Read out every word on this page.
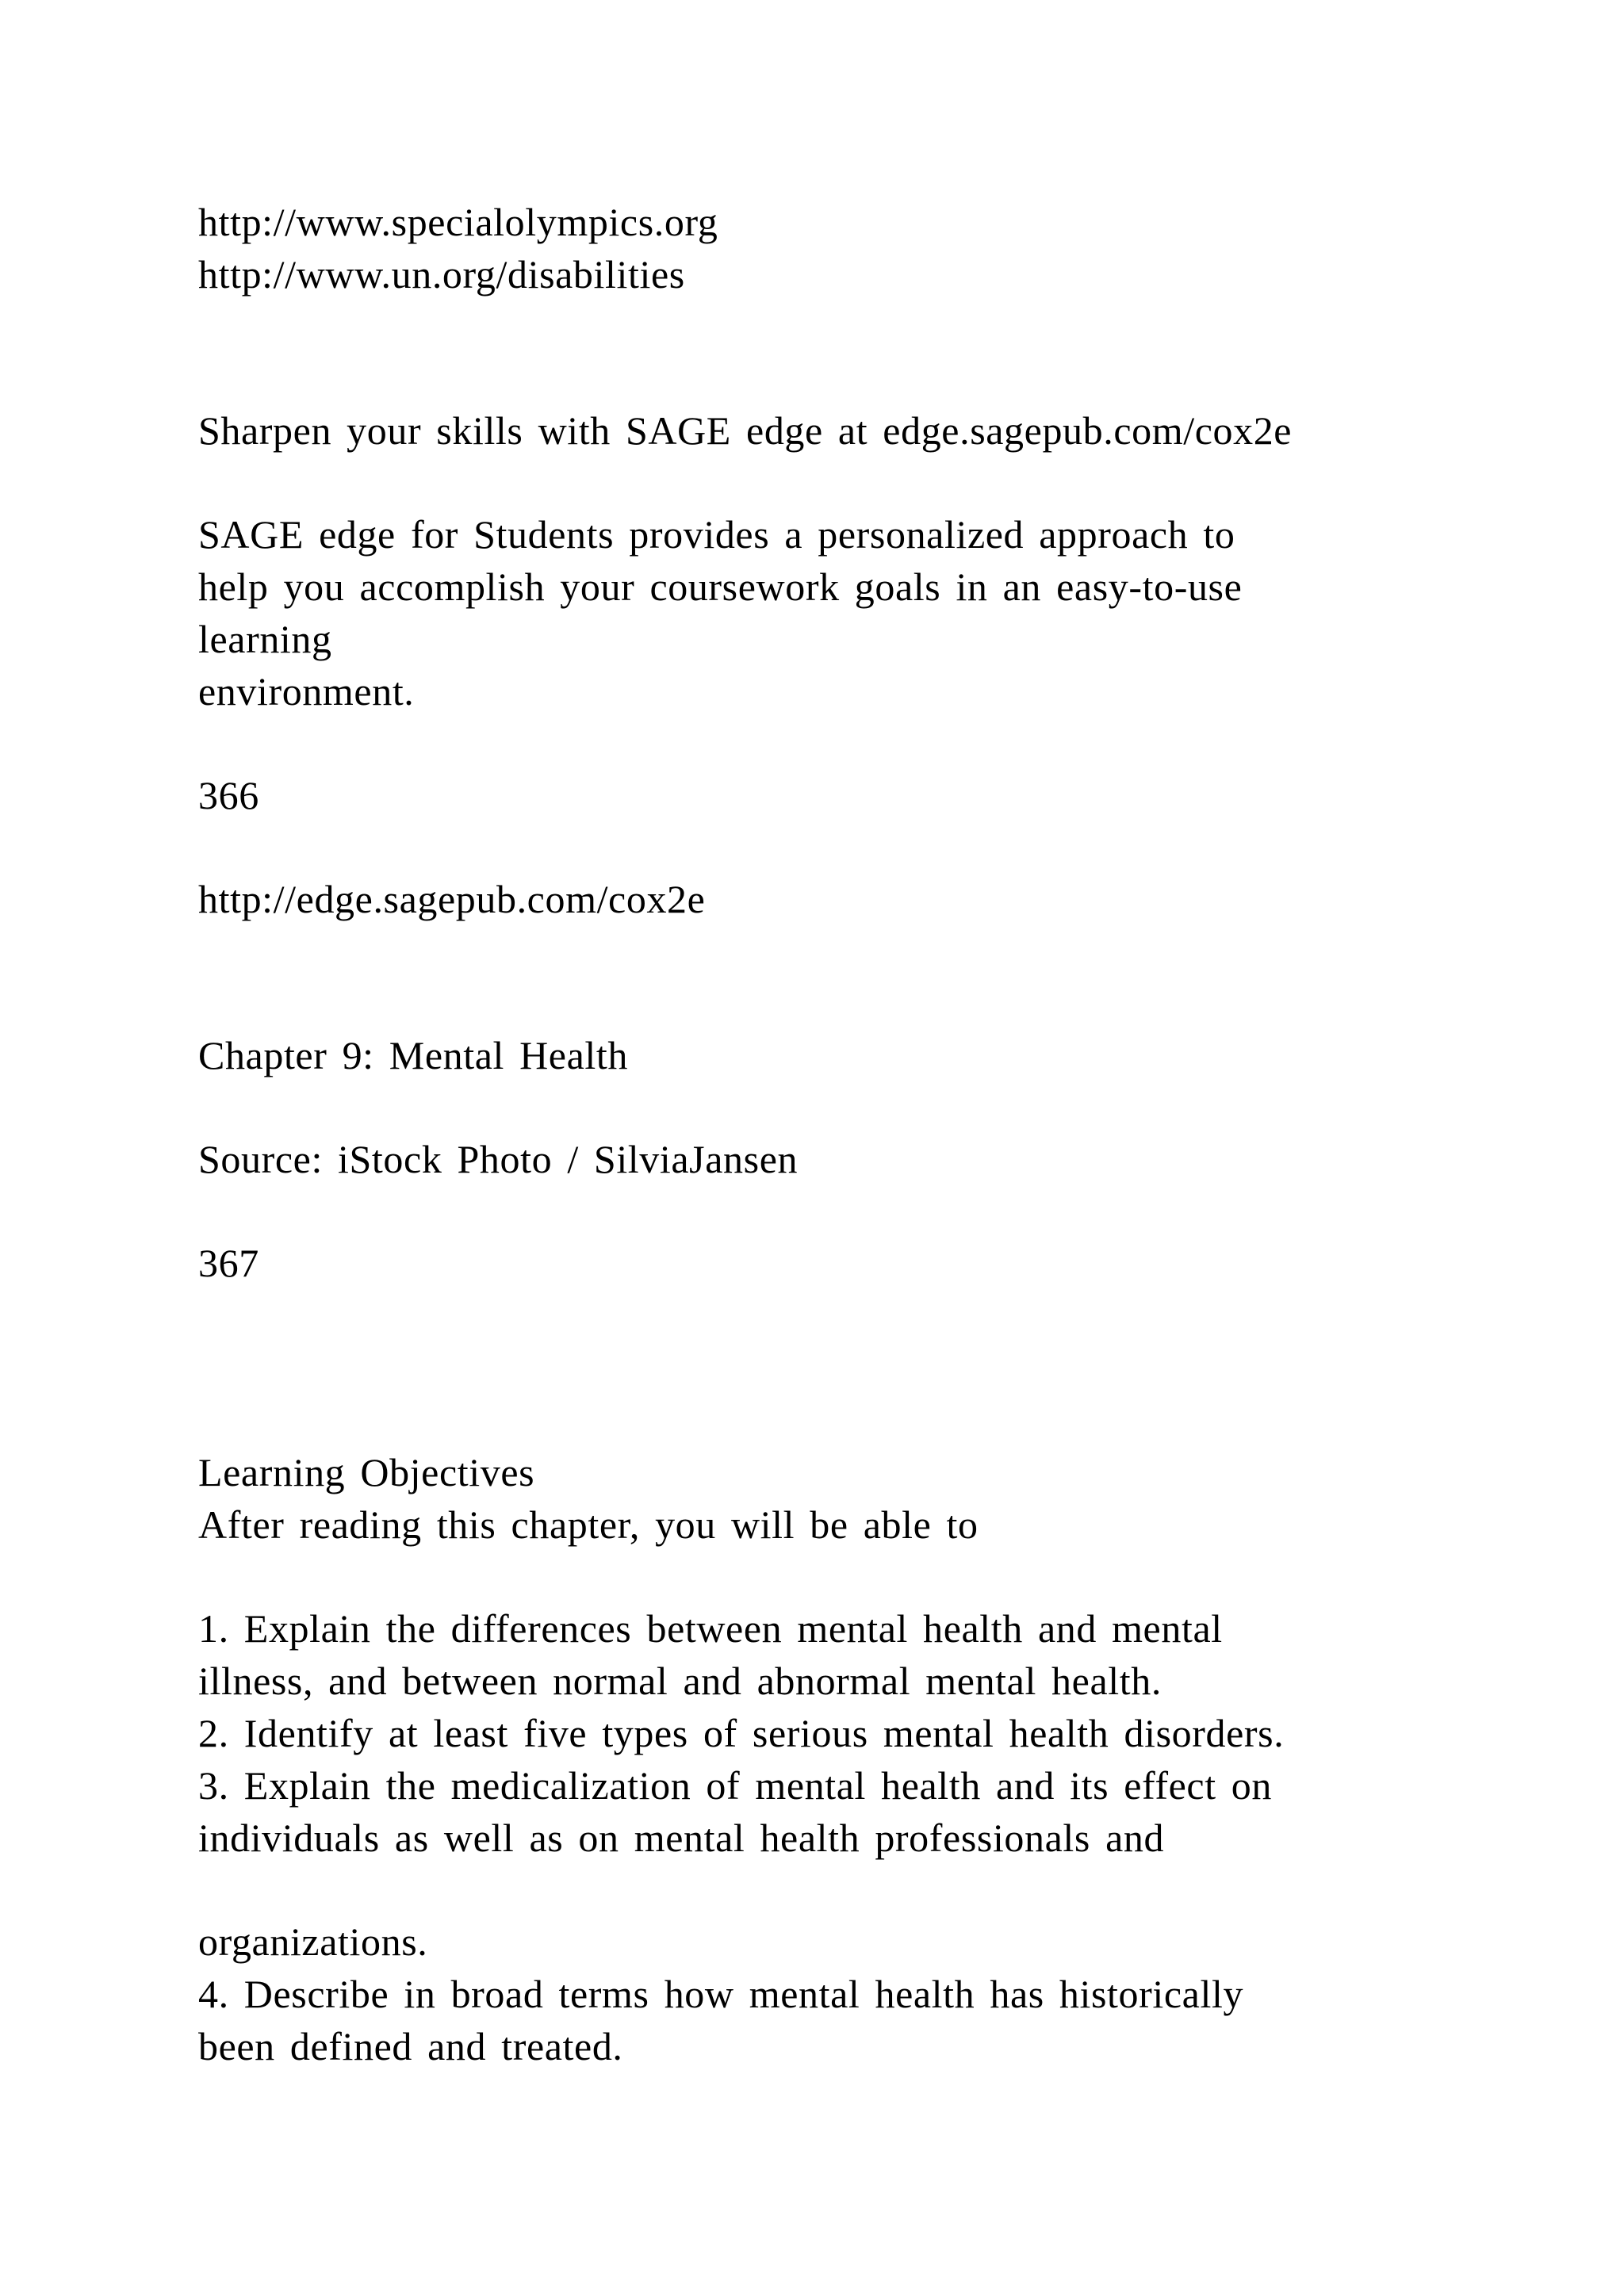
http://www.specialolympics.org
http://www.un.org/disabilities
Sharpen your skills with SAGE edge at edge.sagepub.com/cox2e
SAGE edge for Students provides a personalized approach to
help you accomplish your coursework goals in an easy-to-use
learning
environment.
366
http://edge.sagepub.com/cox2e
Chapter 9: Mental Health
Source: iStock Photo / SilviaJansen
367
Learning Objectives
After reading this chapter, you will be able to
1. Explain the differences between mental health and mental
illness, and between normal and abnormal mental health.
2. Identify at least five types of serious mental health disorders.
3. Explain the medicalization of mental health and its effect on
individuals as well as on mental health professionals and
organizations.
4. Describe in broad terms how mental health has historically
been defined and treated.
